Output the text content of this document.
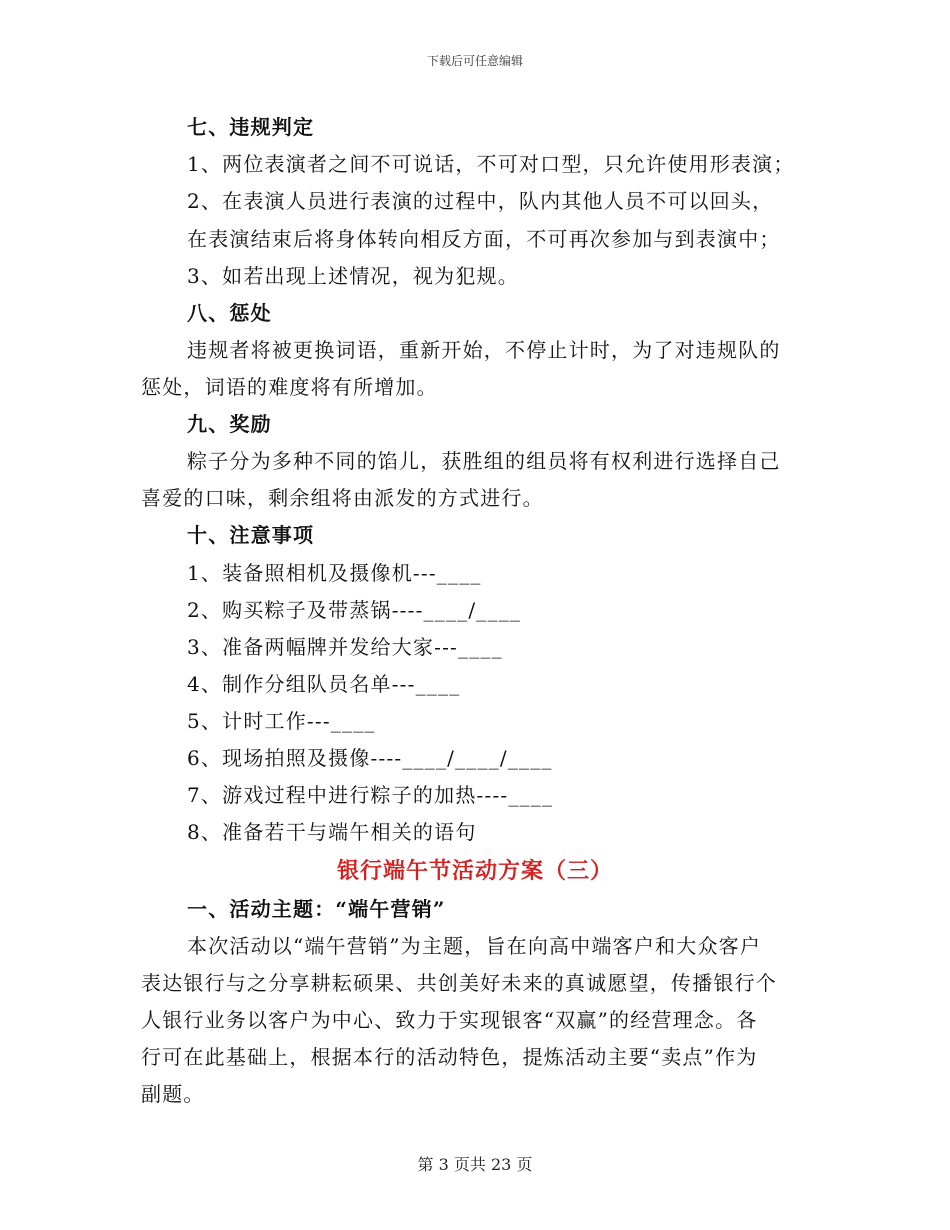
下载后可任意编辑
七、违规判定
1、两位表演者之间不可说话，不可对口型，只允许使用形表演；
2、在表演人员进行表演的过程中，队内其他人员不可以回头，
在表演结束后将身体转向相反方面，不可再次参加与到表演中；
3、如若出现上述情况，视为犯规。
八、惩处
违规者将被更换词语，重新开始，不停止计时，为了对违规队的
惩处，词语的难度将有所增加。
九、奖励
粽子分为多种不同的馅儿，获胜组的组员将有权利进行选择自己
喜爱的口味，剩余组将由派发的方式进行。
十、注意事项
1、装备照相机及摄像机---____
2、购买粽子及带蒸锅----____/____
3、准备两幅牌并发给大家---____
4、制作分组队员名单---____
5、计时工作---____
6、现场拍照及摄像----____/____/____
7、游戏过程中进行粽子的加热----____
8、准备若干与端午相关的语句
银行端午节活动方案（三）
一、活动主题：“端午营销”
本次活动以“端午营销”为主题，旨在向高中端客户和大众客户
表达银行与之分享耕耘硕果、共创美好未来的真诚愿望，传播银行个
人银行业务以客户为中心、致力于实现银客“双赢”的经营理念。各
行可在此基础上，根据本行的活动特色，提炼活动主要“卖点”作为
副题。
第 3 页共 23 页
